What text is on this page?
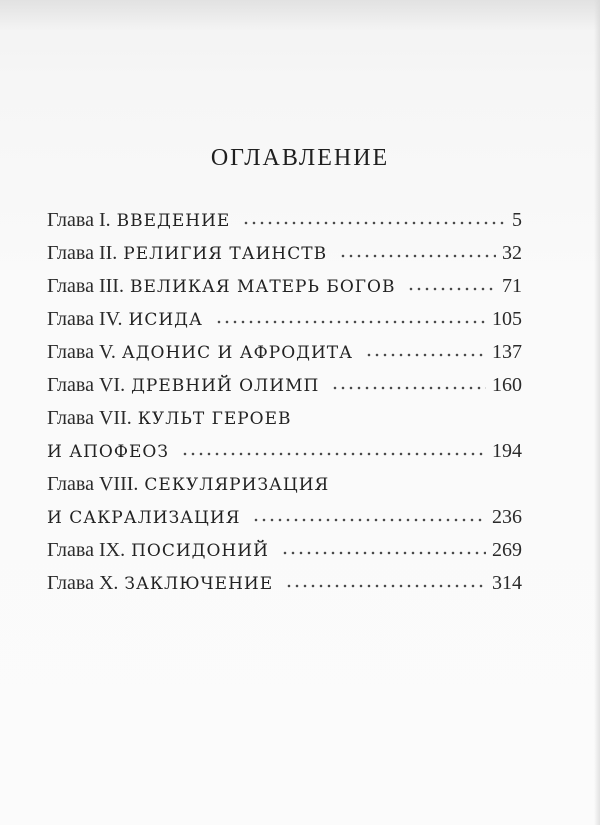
ОГЛАВЛЕНИЕ
Глава I. ВВЕДЕНИЕ	5
Глава II. РЕЛИГИЯ ТАИНСТВ	32
Глава III. ВЕЛИКАЯ МАТЕРЬ БОГОВ	71
Глава IV. ИСИДА	105
Глава V. АДОНИС И АФРОДИТА	137
Глава VI. ДРЕВНИЙ ОЛИМП	160
Глава VII. КУЛЬТ ГЕРОЕВ
И АПОФЕОЗ	194
Глава VIII. СЕКУЛЯРИЗАЦИЯ
И САКРАЛИЗАЦИЯ	236
Глава IX. ПОСИДОНИЙ	269
Глава X. ЗАКЛЮЧЕНИЕ	314
